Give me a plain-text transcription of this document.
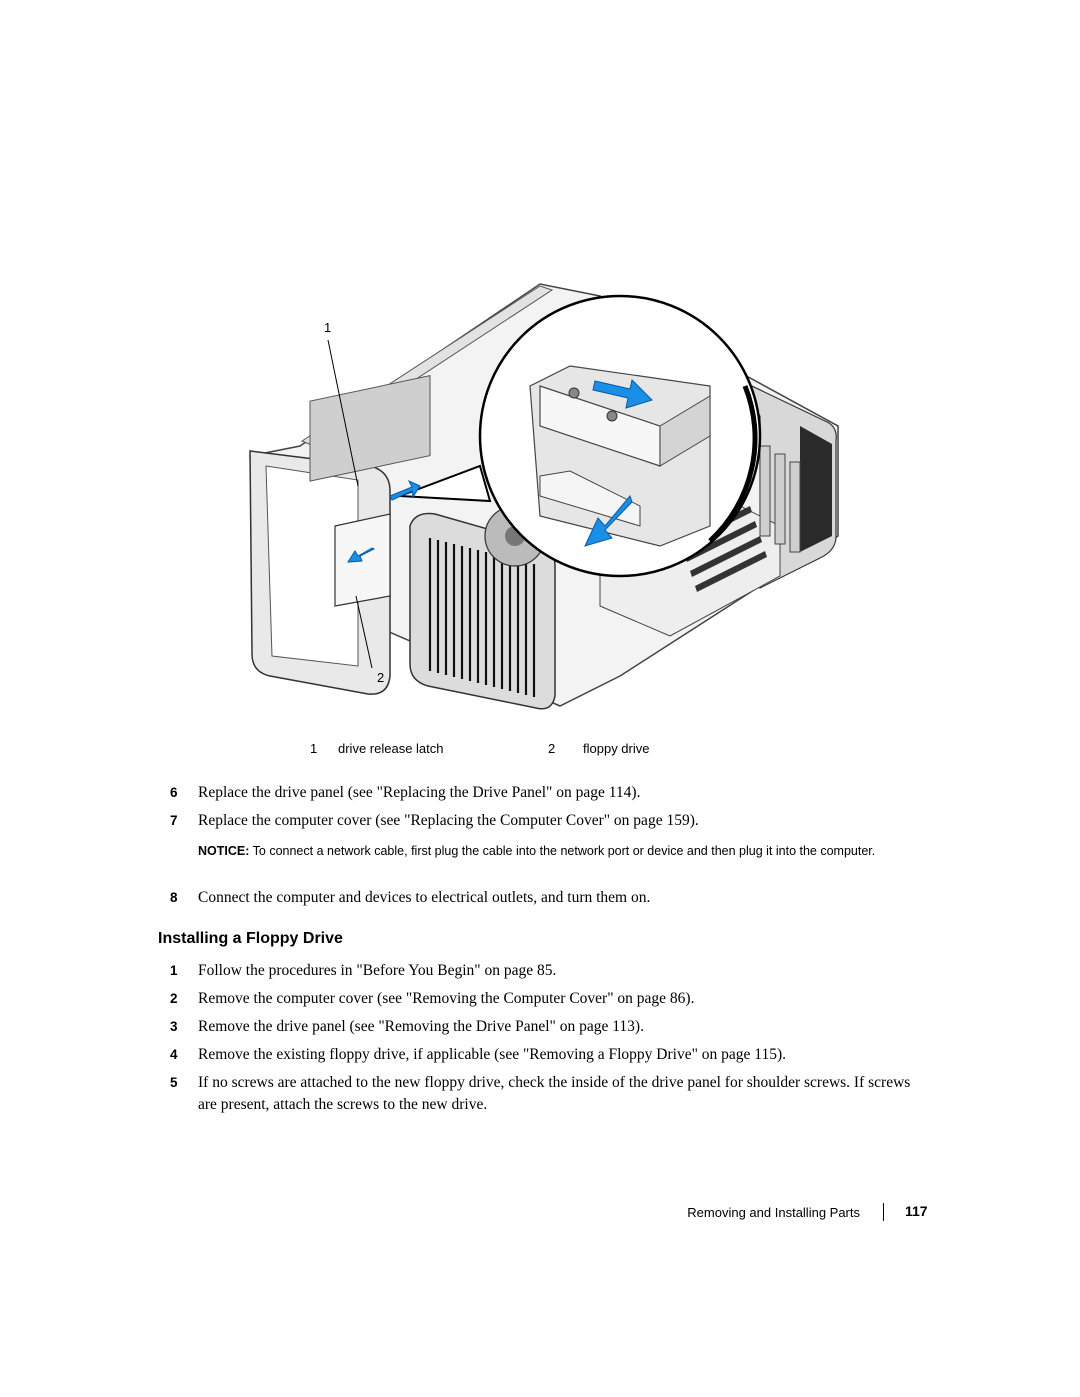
1
2
1 drive release latch	2 floppy drive
6 Replace the drive panel (see "Replacing the Drive Panel" on page 114).
7 Replace the computer cover (see "Replacing the Computer Cover" on page 159).
NOTICE: To connect a network cable, first plug the cable into the network port or device and then plug it into the computer.
8 Connect the computer and devices to electrical outlets, and turn them on.
Installing a Floppy Drive
1 Follow the procedures in "Before You Begin" on page 85.
2 Remove the computer cover (see "Removing the Computer Cover" on page 86).
3 Remove the drive panel (see "Removing the Drive Panel" on page 113).
4 Remove the existing floppy drive, if applicable (see "Removing a Floppy Drive" on page 115).
5 If no screws are attached to the new floppy drive, check the inside of the drive panel for shoulder screws. If screws are present, attach the screws to the new drive.
Removing and Installing Parts	117
